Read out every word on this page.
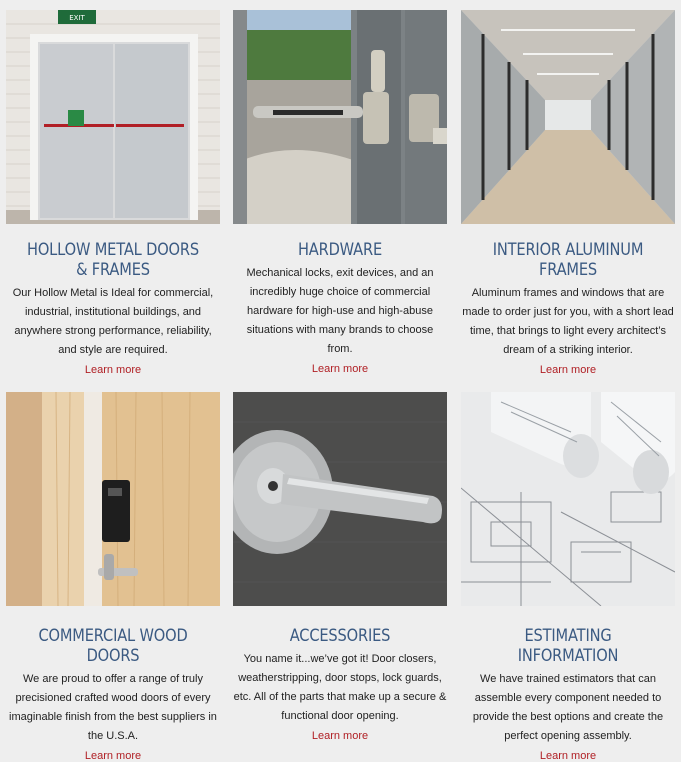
EXIT
HOLLOW METAL DOORS & FRAMES

Our Hollow Metal is Ideal for commercial, industrial, institutional buildings, and anywhere strong performance, reliability, and style are required.

Learn more
HARDWARE

Mechanical locks, exit devices, and an incredibly huge choice of commercial hardware for high-use and high-abuse situations with many brands to choose from.

Learn more
INTERIOR ALUMINUM FRAMES

Aluminum frames and windows that are made to order just for you, with a short lead time, that brings to light every architect’s dream of a striking interior.

Learn more
COMMERCIAL WOOD DOORS

We are proud to offer a range of truly precisioned crafted wood doors of every imaginable finish from the best suppliers in the U.S.A.

Learn more
ACCESSORIES

You name it...we’ve got it! Door closers, weatherstripping, door stops, lock guards, etc. All of the parts that make up a secure & functional door opening.

Learn more
ESTIMATING INFORMATION

We have trained estimators that can assemble every component needed to provide the best options and create the perfect opening assembly.

Learn more
